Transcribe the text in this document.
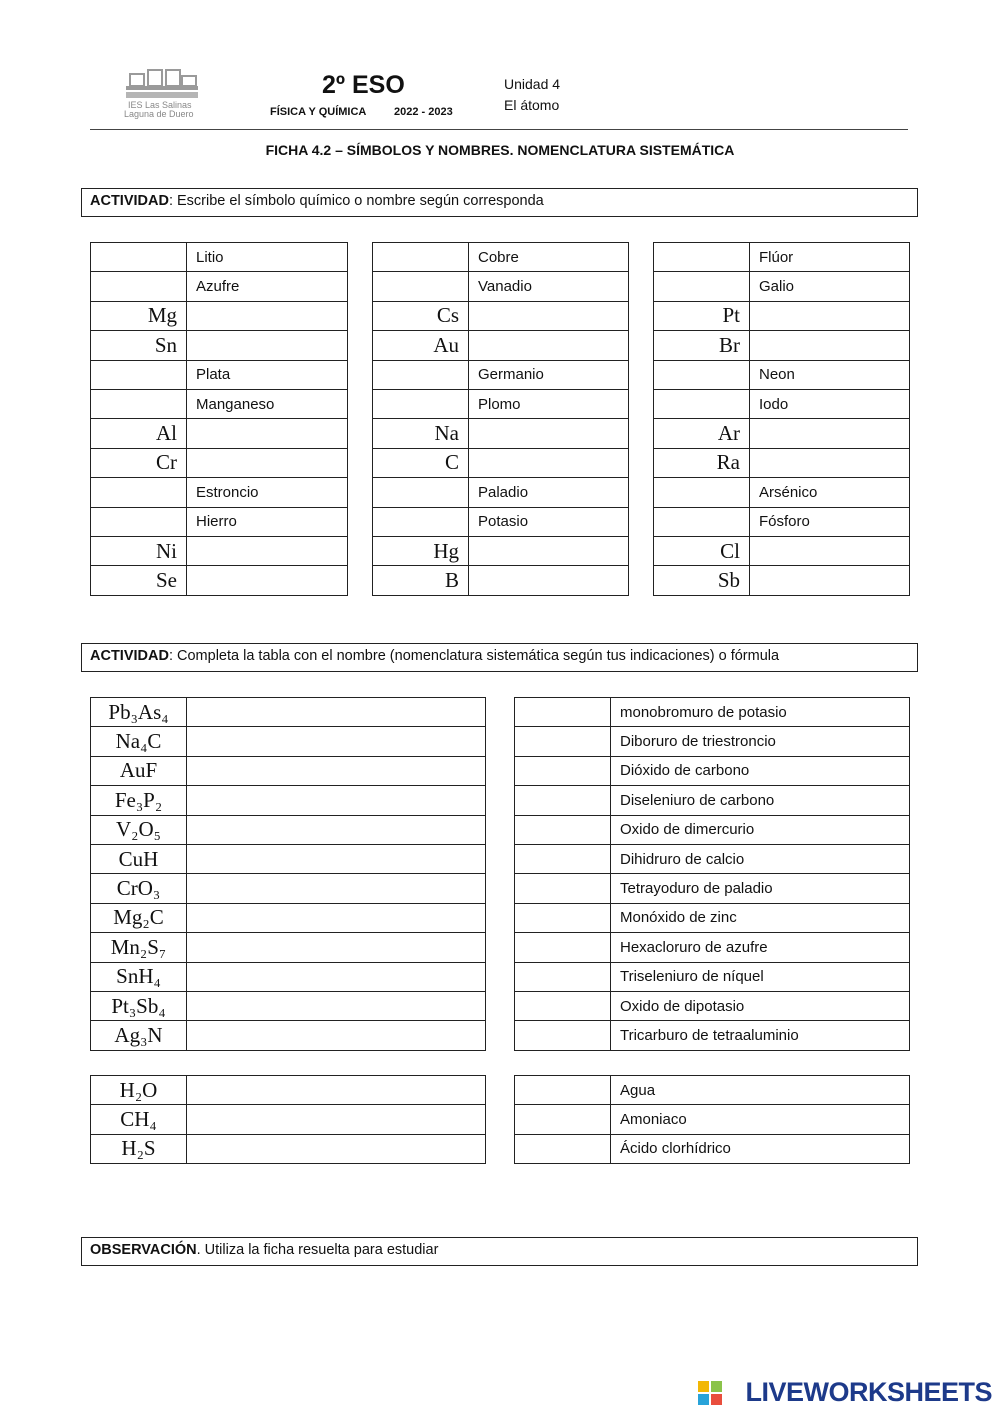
IES Las Salinas
Laguna de Duero
2º ESO
FÍSICA Y QUÍMICA	2022 - 2023
Unidad 4
El átomo
FICHA 4.2 – SÍMBOLOS Y NOMBRES. NOMENCLATURA SISTEMÁTICA
ACTIVIDAD: Escribe el símbolo químico o nombre según corresponda
	Litio
	Azufre
Mg	
Sn	
	Plata
	Manganeso
Al	
Cr	
	Estroncio
	Hierro
Ni	
Se	
	Cobre
	Vanadio
Cs	
Au	
	Germanio
	Plomo
Na	
C	
	Paladio
	Potasio
Hg	
B	
	Flúor
	Galio
Pt	
Br	
	Neon
	Iodo
Ar	
Ra	
	Arsénico
	Fósforo
Cl	
Sb	
ACTIVIDAD: Completa la tabla con el nombre (nomenclatura sistemática según tus indicaciones) o fórmula
Pb₃As₄	
Na₄C	
AuF	
Fe₃P₂	
V₂O₅	
CuH	
CrO₃	
Mg₂C	
Mn₂S₇	
SnH₄	
Pt₃Sb₄	
Ag₃N	
	monobromuro de potasio
	Diboruro de triestroncio
	Dióxido de carbono
	Diseleniuro de carbono
	Oxido de dimercurio
	Dihidruro de calcio
	Tetrayoduro de paladio
	Monóxido de zinc
	Hexacloruro de azufre
	Triseleniuro de níquel
	Oxido de dipotasio
	Tricarburo de tetraaluminio
H₂O	
CH₄	
H₂S	
	Agua
	Amoniaco
	Ácido clorhídrico
OBSERVACIÓN. Utiliza la ficha resuelta para estudiar
LIVEWORKSHEETS
